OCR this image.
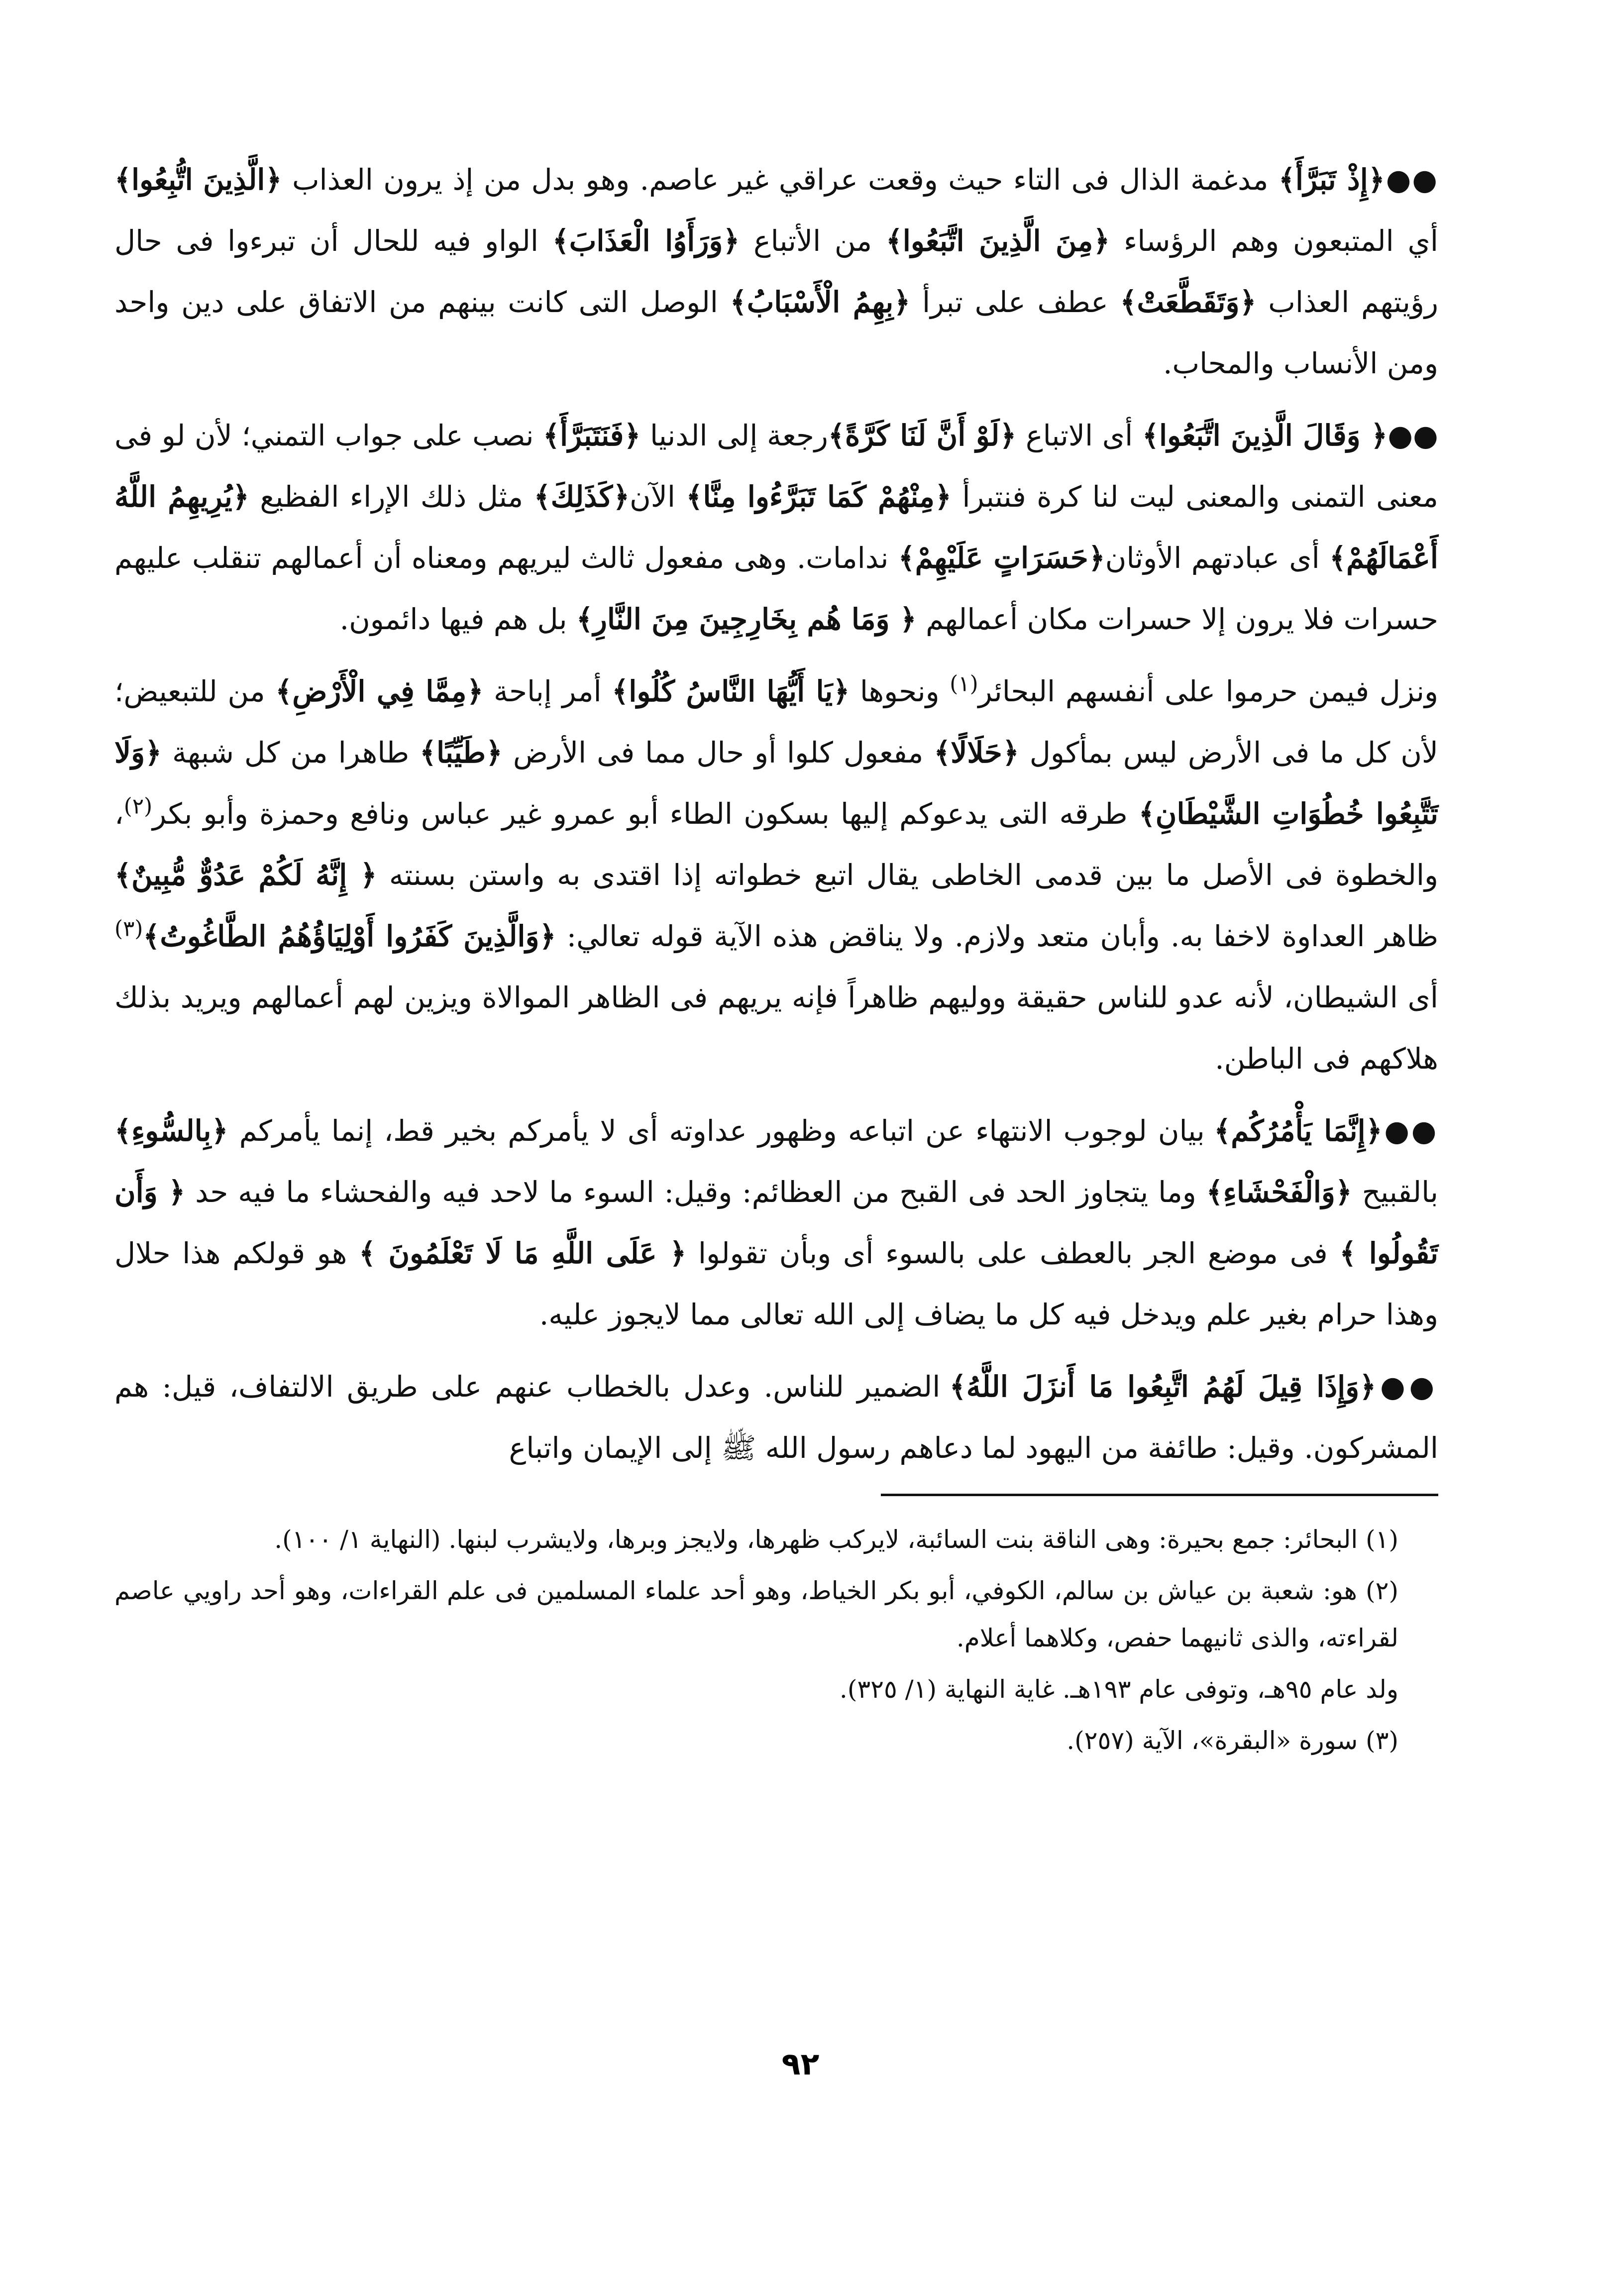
●●﴿إِذْ تَبَرَّأَ﴾ مدغمة الذال فى التاء حيث وقعت عراقي غير عاصم. وهو بدل من إذ يرون العذاب ﴿الَّذِينَ اتُّبِعُوا﴾ أي المتبعون وهم الرؤساء ﴿مِنَ الَّذِينَ اتَّبَعُوا﴾ من الأتباع ﴿وَرَأَوُا الْعَذَابَ﴾ الواو فيه للحال أن تبرءوا فى حال رؤيتهم العذاب ﴿وَتَقَطَّعَتْ﴾ عطف على تبرأ ﴿بِهِمُ الْأَسْبَابُ﴾ الوصل التى كانت بينهم من الاتفاق على دين واحد ومن الأنساب والمحاب.

●●﴿ وَقَالَ الَّذِينَ اتَّبَعُوا﴾ أى الاتباع ﴿لَوْ أَنَّ لَنَا كَرَّةً﴾رجعة إلى الدنيا ﴿فَنَتَبَرَّأَ﴾ نصب على جواب التمني؛ لأن لو فى معنى التمنى والمعنى ليت لنا كرة فنتبرأ ﴿مِنْهُمْ كَمَا تَبَرَّءُوا مِنَّا﴾ الآن﴿كَذَلِكَ﴾ مثل ذلك الإراء الفظيع ﴿يُرِيهِمُ اللَّهُ أَعْمَالَهُمْ﴾ أى عبادتهم الأوثان﴿حَسَرَاتٍ عَلَيْهِمْ﴾ ندامات. وهى مفعول ثالث ليريهم ومعناه أن أعمالهم تنقلب عليهم حسرات فلا يرون إلا حسرات مكان أعمالهم ﴿ وَمَا هُم بِخَارِجِينَ مِنَ النَّارِ﴾ بل هم فيها دائمون.

ونزل فيمن حرموا على أنفسهم البحائر$^{(١)}$ ونحوها ﴿يَا أَيُّهَا النَّاسُ كُلُوا﴾ أمر إباحة ﴿مِمَّا فِي الْأَرْضِ﴾ من للتبعيض؛ لأن كل ما فى الأرض ليس بمأكول ﴿حَلَالًا﴾ مفعول كلوا أو حال مما فى الأرض ﴿طَيِّبًا﴾ طاهرا من كل شبهة ﴿وَلَا تَتَّبِعُوا خُطُوَاتِ الشَّيْطَانِ﴾ طرقه التى يدعوكم إليها بسكون الطاء أبو عمرو غير عباس ونافع وحمزة وأبو بكر$^{(٢)}$، والخطوة فى الأصل ما بين قدمى الخاطى يقال اتبع خطواته إذا اقتدى به واستن بسنته ﴿ إِنَّهُ لَكُمْ عَدُوٌّ مُّبِينٌ﴾ ظاهر العداوة لاخفا به. وأبان متعد ولازم. ولا يناقض هذه الآية قوله تعالي: ﴿وَالَّذِينَ كَفَرُوا أَوْلِيَاؤُهُمُ الطَّاغُوتُ﴾$^{(٣)}$ أى الشيطان، لأنه عدو للناس حقيقة ووليهم ظاهراً فإنه يريهم فى الظاهر الموالاة ويزين لهم أعمالهم ويريد بذلك هلاكهم فى الباطن.

●●﴿إِنَّمَا يَأْمُرُكُم﴾ بيان لوجوب الانتهاء عن اتباعه وظهور عداوته أى لا يأمركم بخير قط، إنما يأمركم ﴿بِالسُّوءِ﴾ بالقبيح ﴿وَالْفَحْشَاءِ﴾ وما يتجاوز الحد فى القبح من العظائم: وقيل: السوء ما لاحد فيه والفحشاء ما فيه حد ﴿ وَأَن تَقُولُوا ﴾ فى موضع الجر بالعطف على بالسوء أى وبأن تقولوا ﴿ عَلَى اللَّهِ مَا لَا تَعْلَمُونَ ﴾ هو قولكم هذا حلال وهذا حرام بغير علم ويدخل فيه كل ما يضاف إلى الله تعالى مما لايجوز عليه.

●●﴿وَإِذَا قِيلَ لَهُمُ اتَّبِعُوا مَا أَنزَلَ اللَّهُ﴾ الضمير للناس. وعدل بالخطاب عنهم على طريق الالتفاف، قيل: هم المشركون. وقيل: طائفة من اليهود لما دعاهم رسول الله ﷺ إلى الإيمان واتباع

(١) البحائر: جمع بحيرة: وهى الناقة بنت السائبة، لايركب ظهرها، ولايجز وبرها، ولايشرب لبنها. (النهاية ١/ ١٠٠).

(٢) هو: شعبة بن عياش بن سالم، الكوفي، أبو بكر الخياط، وهو أحد علماء المسلمين فى علم القراءات، وهو أحد راويي عاصم لقراءته، والذى ثانيهما حفص، وكلاهما أعلام.

ولد عام ٩٥هـ، وتوفى عام ١٩٣هـ. غاية النهاية (١/ ٣٢٥).

(٣) سورة «البقرة»، الآية (٢٥٧).

٩٢
